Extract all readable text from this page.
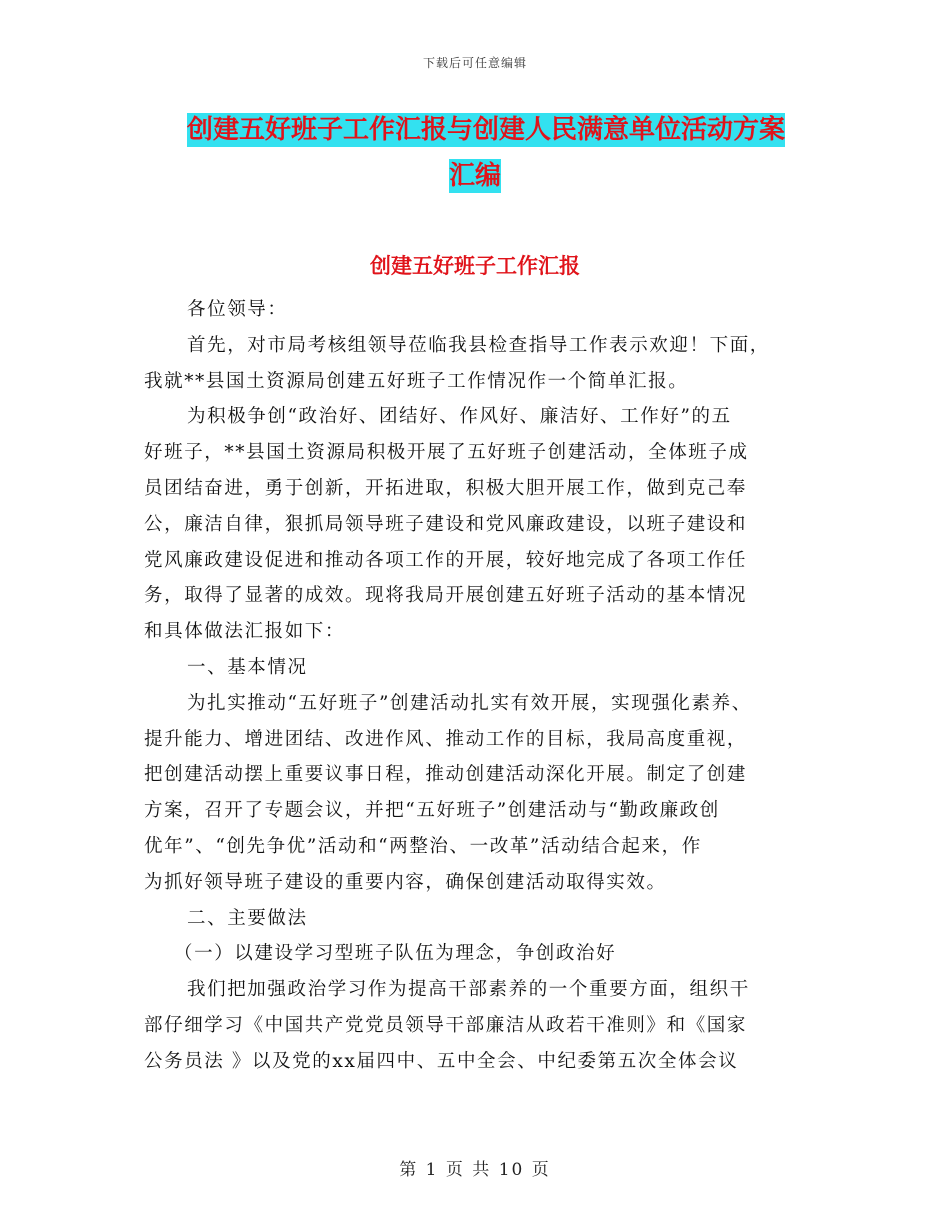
下载后可任意编辑
创建五好班子工作汇报与创建人民满意单位活动方案
汇编
创建五好班子工作汇报
各位领导：
首先，对市局考核组领导莅临我县检查指导工作表示欢迎！下面，
我就**县国土资源局创建五好班子工作情况作一个简单汇报。
为积极争创“政治好、团结好、作风好、廉洁好、工作好”的五
好班子，**县国土资源局积极开展了五好班子创建活动，全体班子成
员团结奋进，勇于创新，开拓进取，积极大胆开展工作，做到克己奉
公，廉洁自律，狠抓局领导班子建设和党风廉政建设，以班子建设和
党风廉政建设促进和推动各项工作的开展，较好地完成了各项工作任
务，取得了显著的成效。现将我局开展创建五好班子活动的基本情况
和具体做法汇报如下：
一、基本情况
为扎实推动“五好班子”创建活动扎实有效开展，实现强化素养、
提升能力、增进团结、改进作风、推动工作的目标，我局高度重视，
把创建活动摆上重要议事日程，推动创建活动深化开展。制定了创建
方案，召开了专题会议，并把“五好班子”创建活动与“勤政廉政创
优年”、“创先争优”活动和“两整治、一改革”活动结合起来，作
为抓好领导班子建设的重要内容，确保创建活动取得实效。
二、主要做法
（一）以建设学习型班子队伍为理念，争创政治好
我们把加强政治学习作为提高干部素养的一个重要方面，组织干
部仔细学习《中国共产党党员领导干部廉洁从政若干准则》和《国家
公务员法 》以及党的xx届四中、五中全会、中纪委第五次全体会议
第 1 页 共 10 页
